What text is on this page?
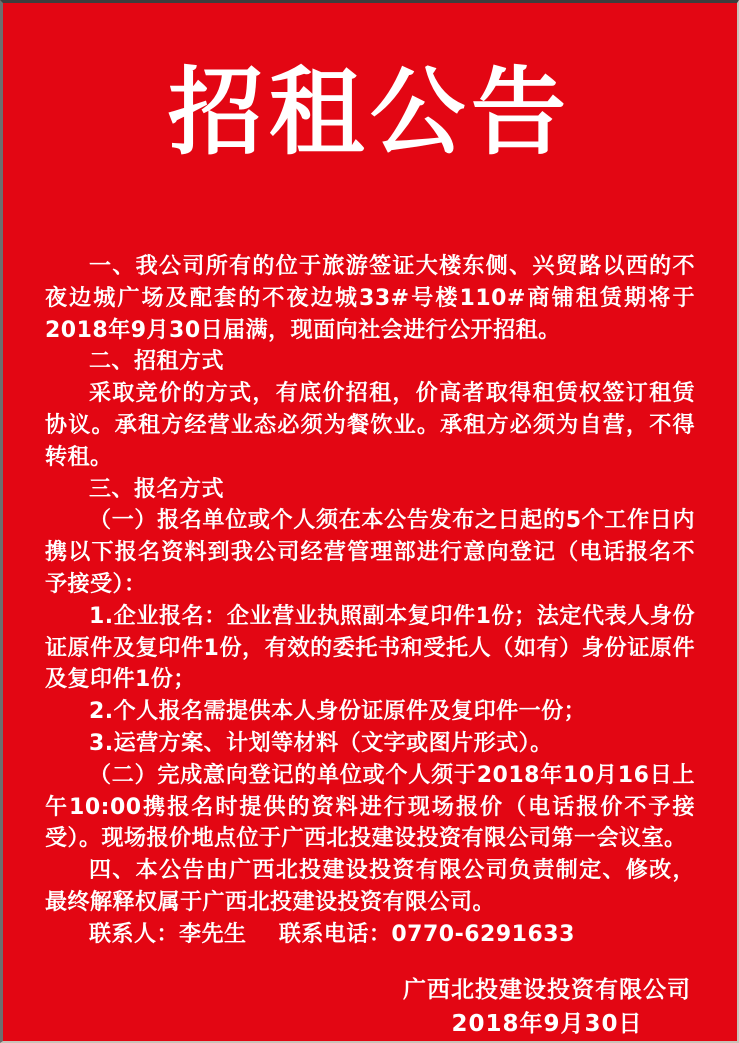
招租公告

一、我公司所有的位于旅游签证大楼东侧、兴贸路以西的不夜边城广场及配套的不夜边城33#号楼110#商铺租赁期将于2018年9月30日届满，现面向社会进行公开招租。

二、招租方式

采取竞价的方式，有底价招租，价高者取得租赁权签订租赁协议。承租方经营业态必须为餐饮业。承租方必须为自营，不得转租。

三、报名方式

（一）报名单位或个人须在本公告发布之日起的5个工作日内携以下报名资料到我公司经营管理部进行意向登记（电话报名不予接受）：

1.企业报名：企业营业执照副本复印件1份；法定代表人身份证原件及复印件1份，有效的委托书和受托人（如有）身份证原件及复印件1份；

2.个人报名需提供本人身份证原件及复印件一份；

3.运营方案、计划等材料（文字或图片形式）。

（二）完成意向登记的单位或个人须于2018年10月16日上午10:00携报名时提供的资料进行现场报价（电话报价不予接受）。现场报价地点位于广西北投建设投资有限公司第一会议室。

四、本公告由广西北投建设投资有限公司负责制定、修改，最终解释权属于广西北投建设投资有限公司。

联系人：李先生 联系电话：0770-6291633

广西北投建设投资有限公司
2018年9月30日
